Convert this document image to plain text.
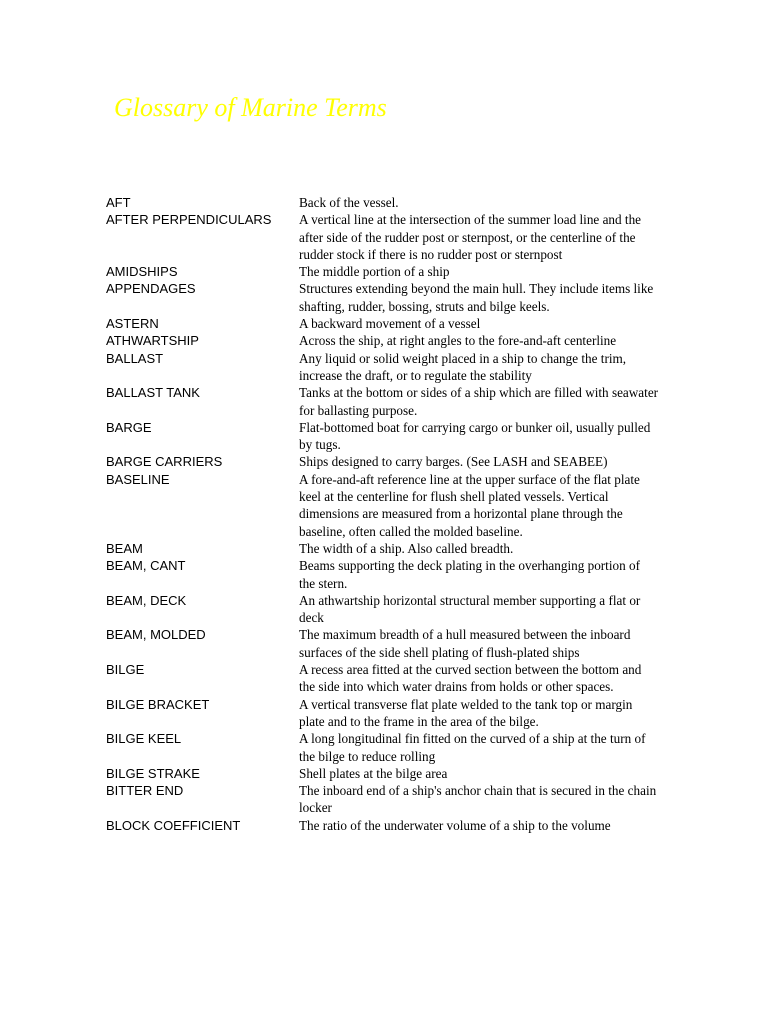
Glossary of Marine Terms
AFT	Back of the vessel.
AFTER PERPENDICULARS	A vertical line at the intersection of the summer load line and the after side of the rudder post or sternpost, or the centerline of the rudder stock if there is no rudder post or sternpost
AMIDSHIPS	The middle portion of a ship
APPENDAGES	Structures extending beyond the main hull. They include items like shafting, rudder, bossing, struts and bilge keels.
ASTERN	A backward movement of a vessel
ATHWARTSHIP	Across the ship, at right angles to the fore-and-aft centerline
BALLAST	Any liquid or solid weight placed in a ship to change the trim, increase the draft, or to regulate the stability
BALLAST TANK	Tanks at the bottom or sides of a ship which are filled with seawater for ballasting purpose.
BARGE	Flat-bottomed boat for carrying cargo or bunker oil, usually pulled by tugs.
BARGE CARRIERS	Ships designed to carry barges. (See LASH and SEABEE)
BASELINE	A fore-and-aft reference line at the upper surface of the flat plate keel at the centerline for flush shell plated vessels. Vertical dimensions are measured from a horizontal plane through the baseline, often called the molded baseline.
BEAM	The width of a ship. Also called breadth.
BEAM, CANT	Beams supporting the deck plating in the overhanging portion of the stern.
BEAM, DECK	An athwartship horizontal structural member supporting a flat or deck
BEAM, MOLDED	The maximum breadth of a hull measured between the inboard surfaces of the side shell plating of flush-plated ships
BILGE	A recess area fitted at the curved section between the bottom and the side into which water drains from holds or other spaces.
BILGE BRACKET	A vertical transverse flat plate welded to the tank top or margin plate and to the frame in the area of the bilge.
BILGE KEEL	A long longitudinal fin fitted on the curved of a ship at the turn of the bilge to reduce rolling
BILGE STRAKE	Shell plates at the bilge area
BITTER END	The inboard end of a ship's anchor chain that is secured in the chain locker
BLOCK COEFFICIENT	The ratio of the underwater volume of a ship to the volume
